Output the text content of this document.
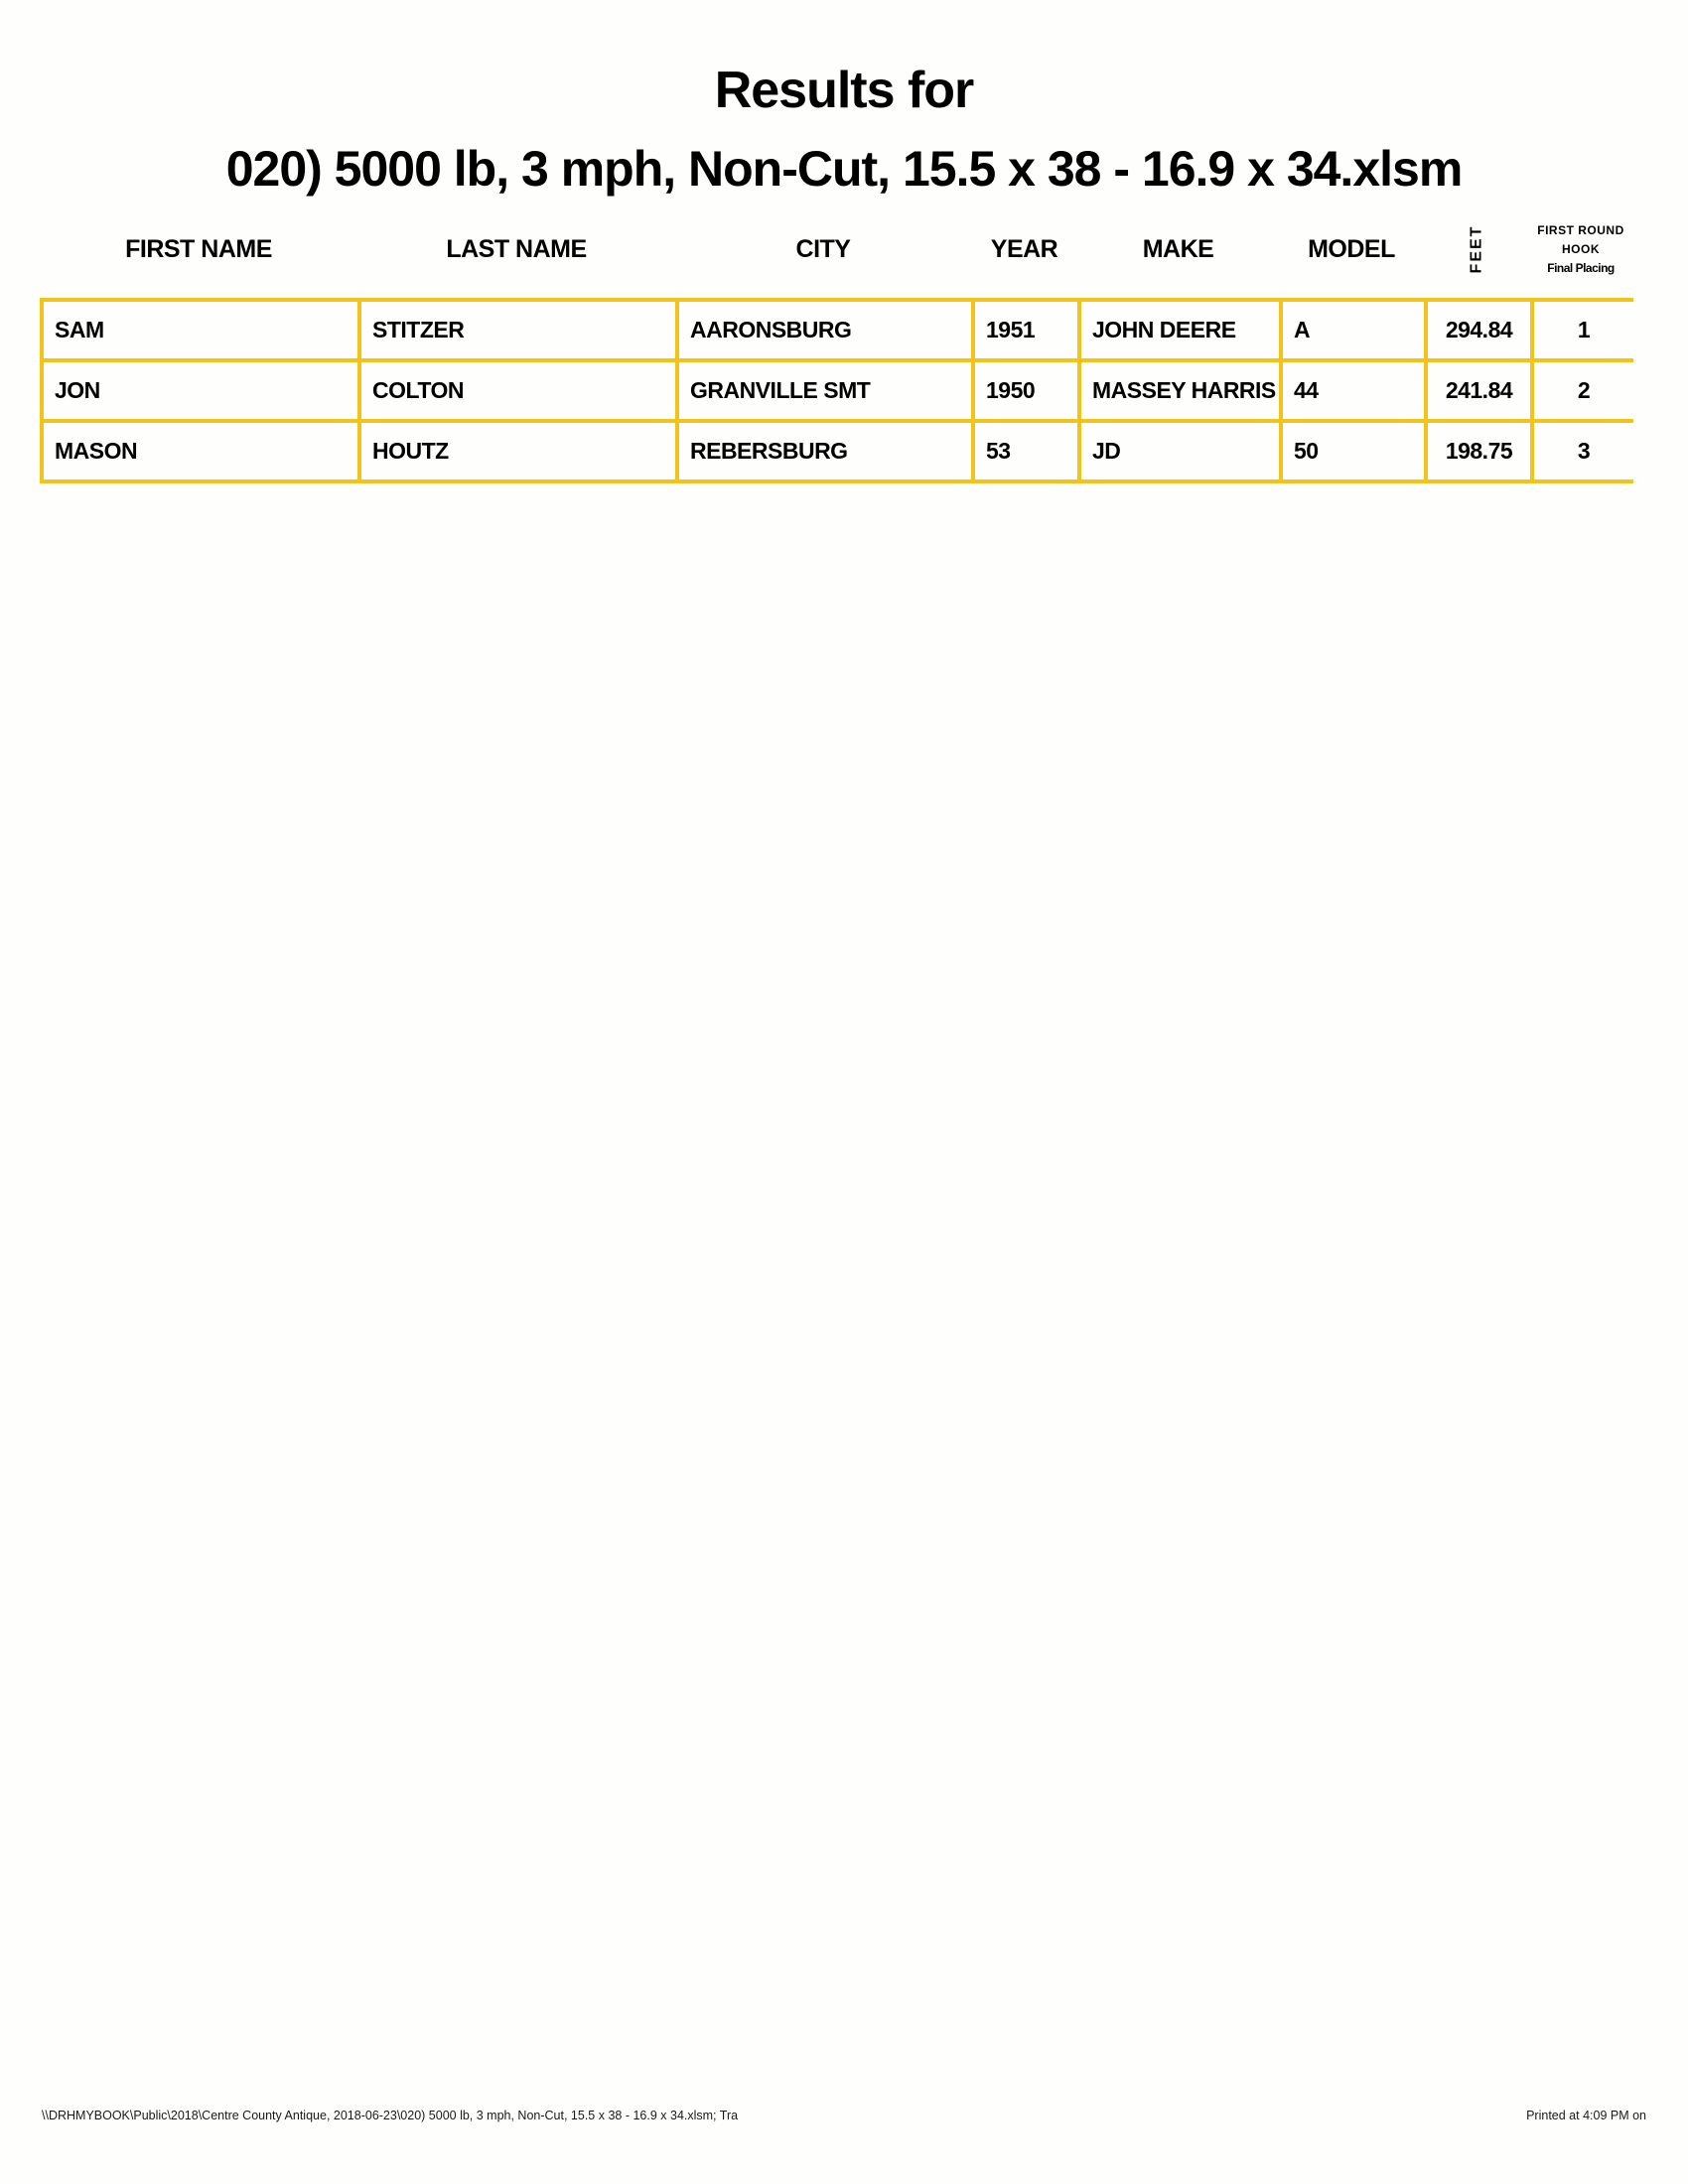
Results for
020) 5000 lb, 3 mph, Non-Cut, 15.5 x 38 - 16.9 x 34.xlsm
FIRST NAME	LAST NAME	CITY	YEAR	MAKE	MODEL	FEET	FIRST ROUND
HOOK
Final Placing
SAM	STITZER	AARONSBURG	1951	JOHN DEERE	A	294.84	1
JON	COLTON	GRANVILLE SMT	1950	MASSEY HARRIS	44	241.84	2
MASON	HOUTZ	REBERSBURG	53	JD	50	198.75	3
\\DRHMYBOOK\Public\2018\Centre County Antique, 2018-06-23\020) 5000 lb, 3 mph, Non-Cut, 15.5 x 38 - 16.9 x 34.xlsm; Tra	Printed at 4:09 PM on
